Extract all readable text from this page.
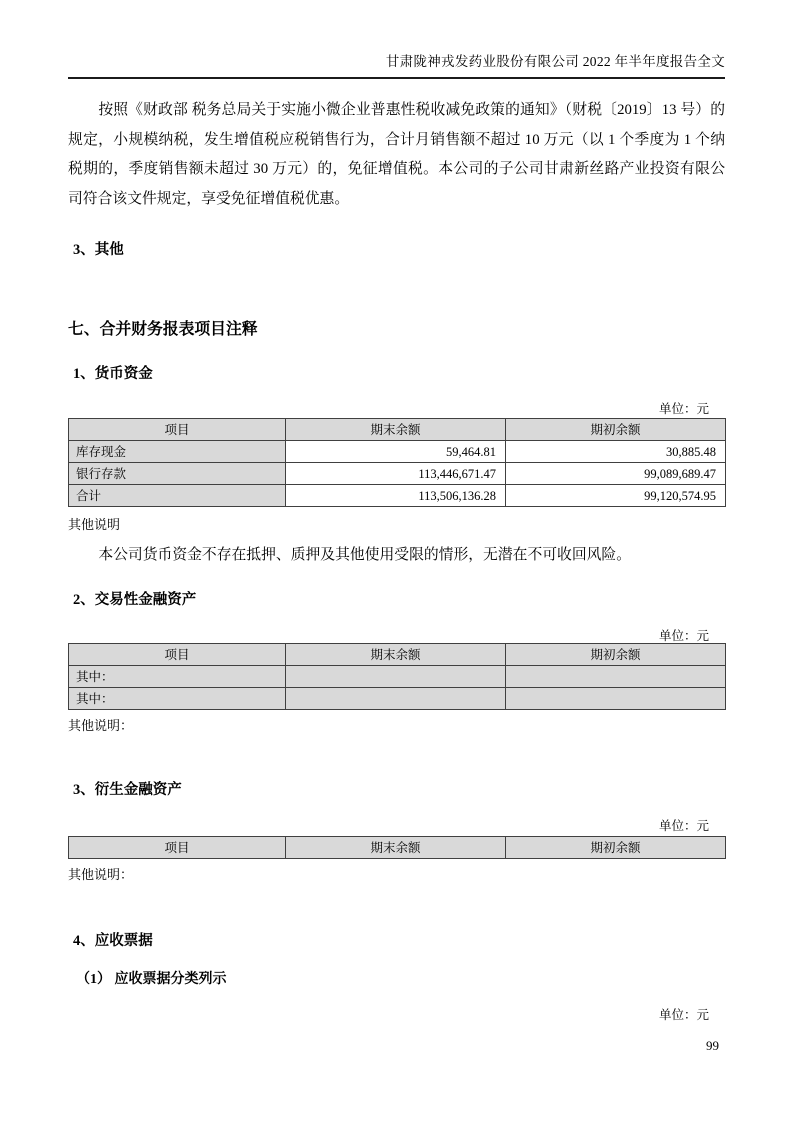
甘肃陇神戎发药业股份有限公司 2022 年半年度报告全文
按照《财政部 税务总局关于实施小微企业普惠性税收减免政策的通知》（财税〔2019〕13 号）的规定，小规模纳税，发生增值税应税销售行为，合计月销售额不超过 10 万元（以 1 个季度为 1 个纳税期的，季度销售额未超过 30 万元）的，免征增值税。本公司的子公司甘肃新丝路产业投资有限公司符合该文件规定，享受免征增值税优惠。
3、其他
七、合并财务报表项目注释
1、货币资金
单位：元
项目	期末余额	期初余额
库存现金	59,464.81	30,885.48
银行存款	113,446,671.47	99,089,689.47
合计	113,506,136.28	99,120,574.95
其他说明
本公司货币资金不存在抵押、质押及其他使用受限的情形，无潜在不可收回风险。
2、交易性金融资产
单位：元
项目	期末余额	期初余额
其中：		
其中：		
其他说明：
3、衍生金融资产
单位：元
项目	期末余额	期初余额
其他说明：
4、应收票据
（1） 应收票据分类列示
单位：元
99
